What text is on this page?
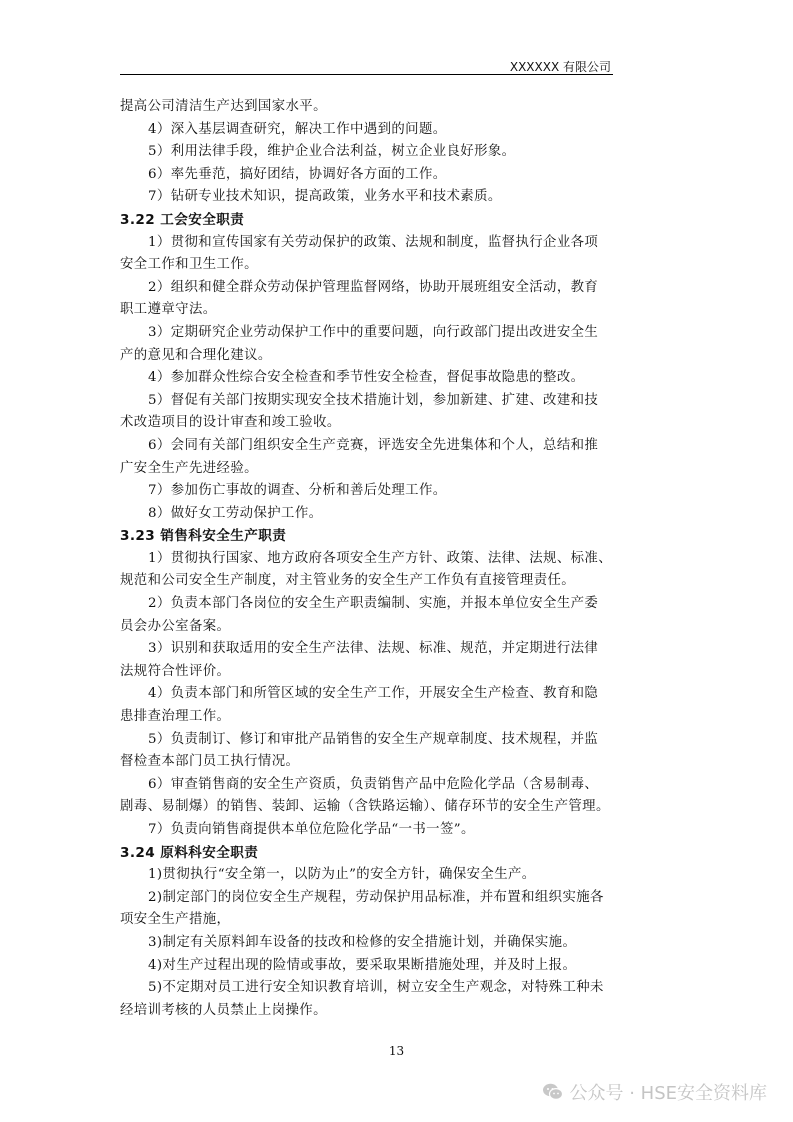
XXXXXX 有限公司
提高公司清洁生产达到国家水平。
4）深入基层调查研究，解决工作中遇到的问题。
5）利用法律手段，维护企业合法利益，树立企业良好形象。
6）率先垂范，搞好团结，协调好各方面的工作。
7）钻研专业技术知识，提高政策，业务水平和技术素质。
3.22 工会安全职责
1）贯彻和宣传国家有关劳动保护的政策、法规和制度，监督执行企业各项
安全工作和卫生工作。
2）组织和健全群众劳动保护管理监督网络，协助开展班组安全活动，教育
职工遵章守法。
3）定期研究企业劳动保护工作中的重要问题，向行政部门提出改进安全生
产的意见和合理化建议。
4）参加群众性综合安全检查和季节性安全检查，督促事故隐患的整改。
5）督促有关部门按期实现安全技术措施计划，参加新建、扩建、改建和技
术改造项目的设计审查和竣工验收。
6）会同有关部门组织安全生产竞赛，评选安全先进集体和个人，总结和推
广安全生产先进经验。
7）参加伤亡事故的调查、分析和善后处理工作。
8）做好女工劳动保护工作。
3.23 销售科安全生产职责
1）贯彻执行国家、地方政府各项安全生产方针、政策、法律、法规、标准、
规范和公司安全生产制度，对主管业务的安全生产工作负有直接管理责任。
2）负责本部门各岗位的安全生产职责编制、实施，并报本单位安全生产委
员会办公室备案。
3）识别和获取适用的安全生产法律、法规、标准、规范，并定期进行法律
法规符合性评价。
4）负责本部门和所管区域的安全生产工作，开展安全生产检查、教育和隐
患排查治理工作。
5）负责制订、修订和审批产品销售的安全生产规章制度、技术规程，并监
督检查本部门员工执行情况。
6）审查销售商的安全生产资质，负责销售产品中危险化学品（含易制毒、
剧毒、易制爆）的销售、装卸、运输（含铁路运输）、储存环节的安全生产管理。
7）负责向销售商提供本单位危险化学品“一书一签”。
3.24 原料科安全职责
1)贯彻执行“安全第一，以防为止”的安全方针，确保安全生产。
2)制定部门的岗位安全生产规程，劳动保护用品标准，并布置和组织实施各
项安全生产措施，
3)制定有关原料卸车设备的技改和检修的安全措施计划，并确保实施。
4)对生产过程出现的险情或事故，要采取果断措施处理，并及时上报。
5)不定期对员工进行安全知识教育培训，树立安全生产观念，对特殊工种未
经培训考核的人员禁止上岗操作。
13
公众号 · HSE安全资料库
